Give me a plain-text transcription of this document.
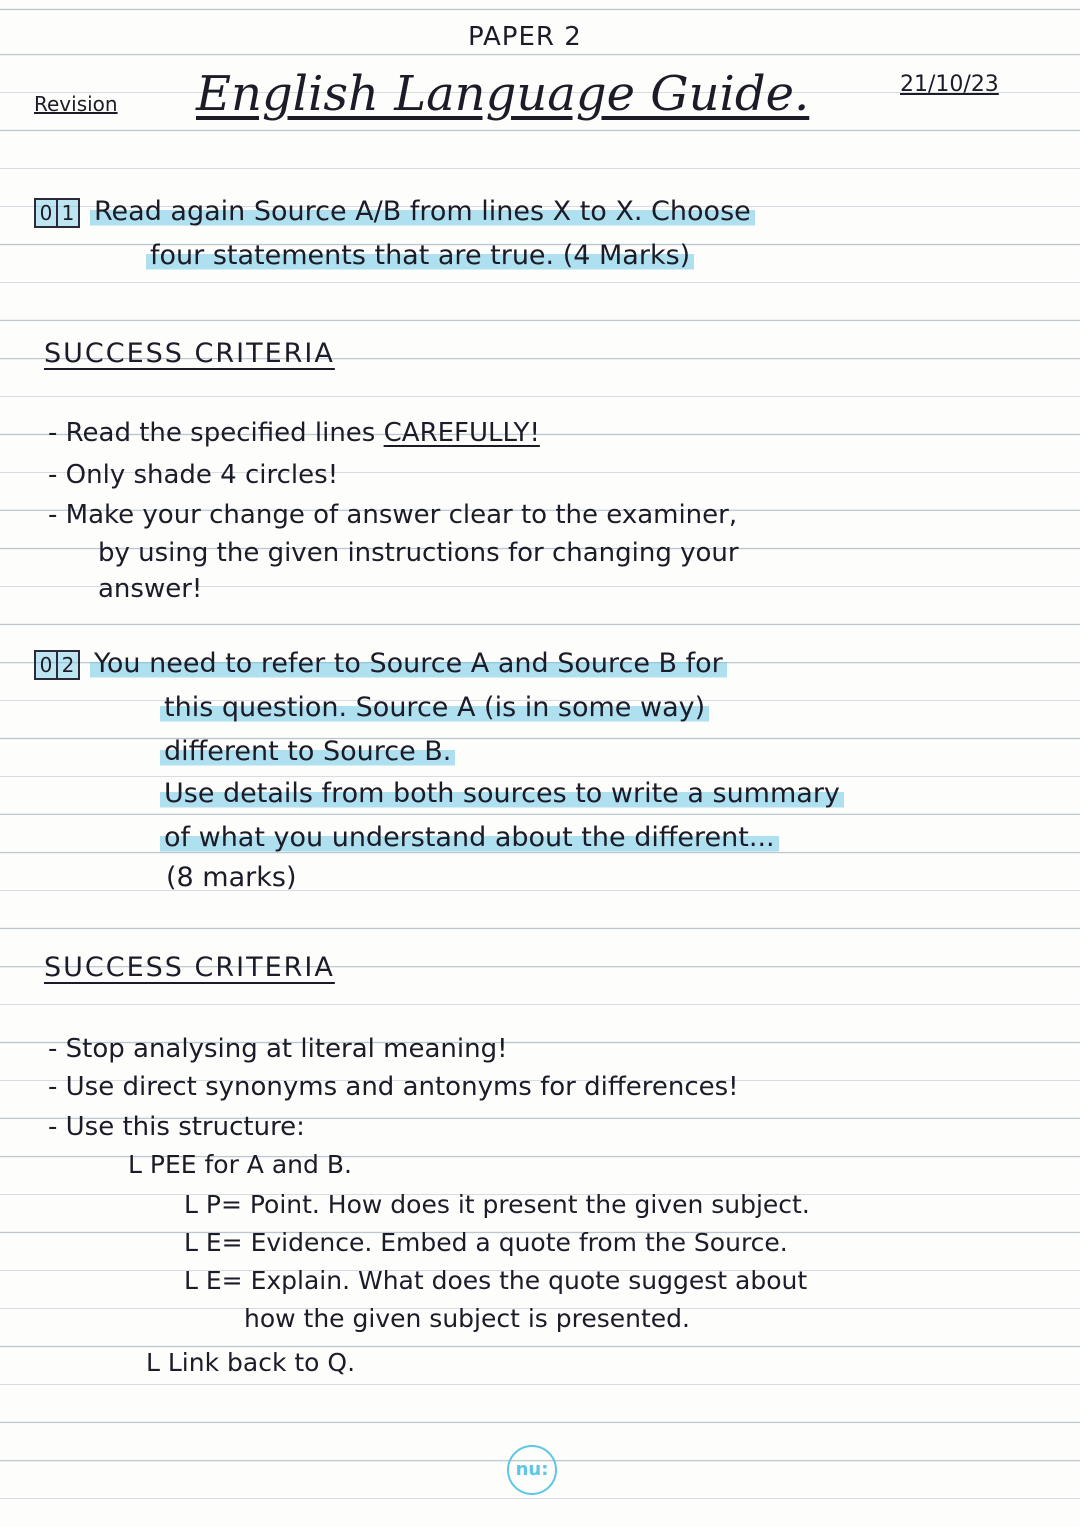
PAPER 2
Revision English Language Guide.	21/10/23
0 1 Read again Source A/B from lines X to X. Choose
four statements that are true. (4 Marks)
SUCCESS CRITERIA
- Read the specified lines CAREFULLY!
- Only shade 4 circles!
- Make your change of answer clear to the examiner,
by using the given instructions for changing your
answer!
0 2 You need to refer to Source A and Source B for
this question. Source A (is in some way)
different to Source B.
Use details from both sources to write a summary
of what you understand about the different...
(8 marks)
SUCCESS CRITERIA
- Stop analysing at literal meaning!
- Use direct synonyms and antonyms for differences!
- Use this structure:
L PEE for A and B.
L P= Point. How does it present the given subject.
L E= Evidence. Embed a quote from the Source.
L E= Explain. What does the quote suggest about
how the given subject is presented.
L Link back to Q.
nu:
